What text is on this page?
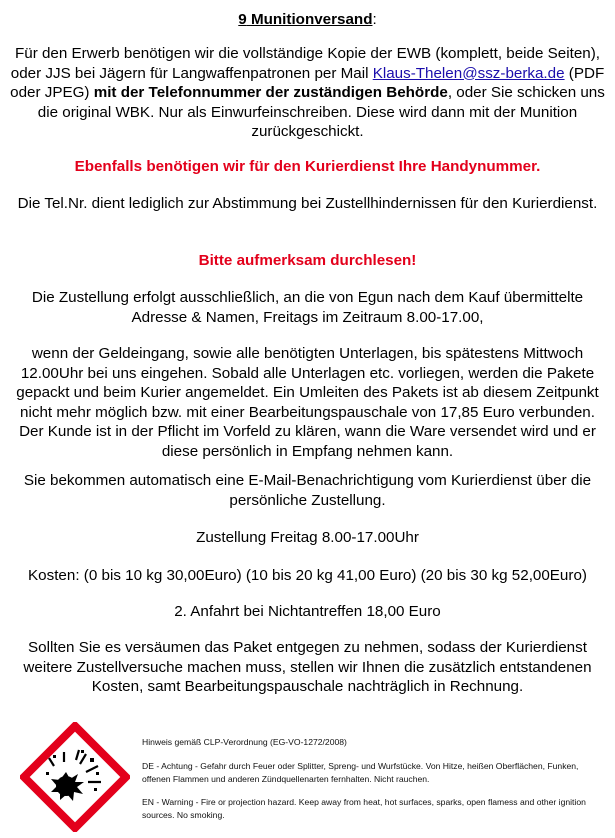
9 Munitionversand:
Für den Erwerb benötigen wir die vollständige Kopie der EWB (komplett, beide Seiten), oder JJS bei Jägern für Langwaffenpatronen per Mail Klaus-Thelen@ssz-berka.de (PDF oder JPEG) mit der Telefonnummer der zuständigen Behörde, oder Sie schicken uns die original WBK. Nur als Einwurfeinschreiben. Diese wird dann mit der Munition zurückgeschickt.
Ebenfalls benötigen wir für den Kurierdienst Ihre Handynummer.
Die Tel.Nr. dient lediglich zur Abstimmung bei Zustellhindernissen für den Kurierdienst.
Bitte aufmerksam durchlesen!
Die Zustellung erfolgt ausschließlich, an die von Egun nach dem Kauf übermittelte Adresse & Namen, Freitags im Zeitraum 8.00-17.00,
wenn der Geldeingang, sowie alle benötigten Unterlagen, bis spätestens Mittwoch 12.00Uhr bei uns eingehen. Sobald alle Unterlagen etc. vorliegen, werden die Pakete gepackt und beim Kurier angemeldet. Ein Umleiten des Pakets ist ab diesem Zeitpunkt nicht mehr möglich bzw. mit einer Bearbeitungspauschale von 17,85 Euro verbunden. Der Kunde ist in der Pflicht im Vorfeld zu klären, wann die Ware versendet wird und er diese persönlich in Empfang nehmen kann.
Sie bekommen automatisch eine E-Mail-Benachrichtigung vom Kurierdienst über die persönliche Zustellung.
Zustellung Freitag 8.00-17.00Uhr
Kosten: (0 bis 10 kg 30,00Euro) (10 bis 20 kg 41,00 Euro) (20 bis 30 kg 52,00Euro)
2. Anfahrt bei Nichtantreffen 18,00 Euro
Sollten Sie es versäumen das Paket entgegen zu nehmen, sodass der Kurierdienst weitere Zustellversuche machen muss, stellen wir Ihnen die zusätzlich entstandenen Kosten, samt Bearbeitungspauschale nachträglich in Rechnung.
Hinweis gemäß CLP-Verordnung (EG-VO-1272/2008)
DE - Achtung - Gefahr durch Feuer oder Splitter, Spreng- und Wurfstücke. Von Hitze, heißen Oberflächen, Funken, offenen Flammen und anderen Zündquellenarten fernhalten. Nicht rauchen.
EN - Warning - Fire or projection hazard. Keep away from heat, hot surfaces, sparks, open flamess and other ignition sources. No smoking.
